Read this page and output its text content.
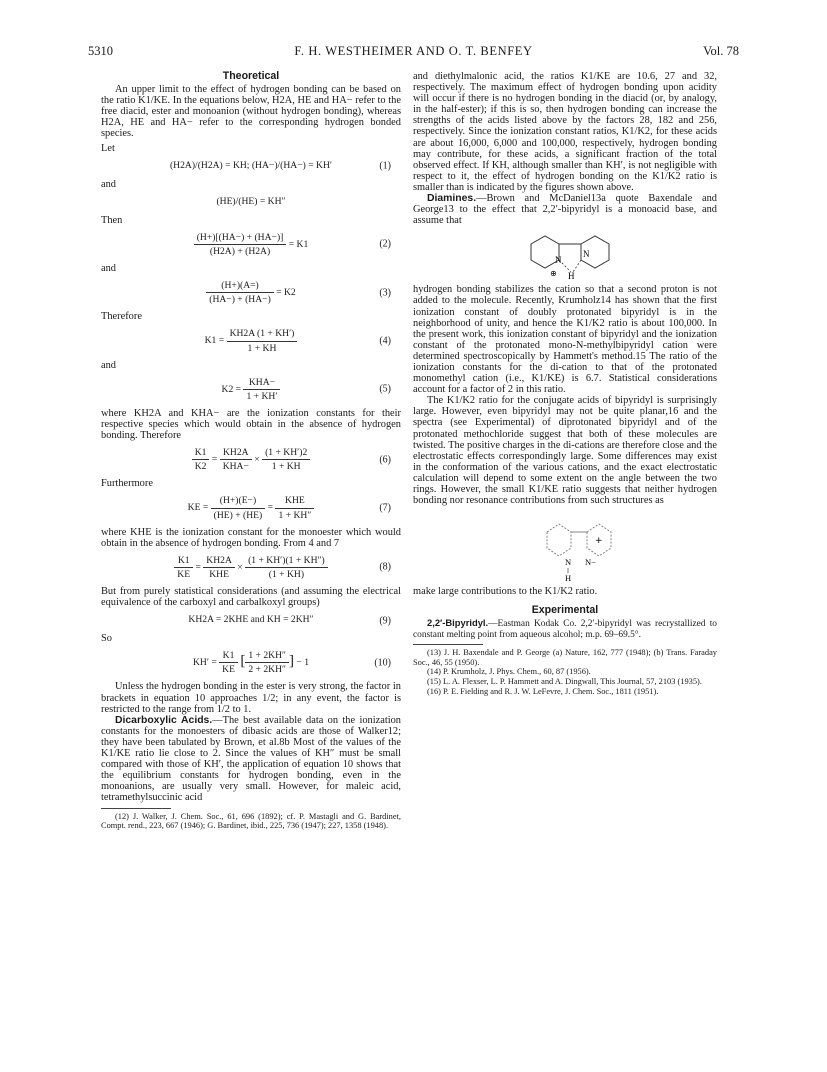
5310	F. H. WESTHEIMER AND O. T. BENFEY	Vol. 78
Theoretical

An upper limit to the effect of hydrogen bonding can be based on the ratio K1/KE. In the equations below, H2A, HE and HA− refer to the free diacid, ester and monoanion (without hydrogen bonding), whereas H2A, HE and HA− refer to the corresponding hydrogen bonded species.

Let
(H2A)/(H2A) = KH; (HA−)/(HA−) = KH′	(1)
and
(HE)/(HE) = KH″
Then
$\frac{(H+)[(HA-) + (HA-)]}{(H2A) + (H2A)} = K1$	(2)
and
$\frac{(H+)(A=)}{(HA-) + (HA-)} = K2$	(3)
Therefore
$K1 = \frac{KH2A (1 + KH')}{1 + KH}$	(4)
and
$K2 = \frac{\text{KHA−}}{1 + KH'}$	(5)

where KH2A and KHA− are the ionization constants for their respective species which would obtain in the absence of hydrogen bonding. Therefore

$\frac{K1}{K2} = \frac{KH2A}{\text{KHA−}} \times \frac{(1 + KH')2}{1 + KH}$	(6)
Furthermore
KE = $\frac{(H+)(E-)}{(HE) + (HE)} = \frac{\text{KHE}}{1 + KH''}$	(7)

where KHE is the ionization constant for the monoester which would obtain in the absence of hydrogen bonding. From 4 and 7

$\frac{K1}{KE} = \frac{KH2A}{\text{KHE}} \times \frac{(1 + KH')(1 + KH'')}{(1 + KH)}$	(8)

But from purely statistical considerations (and assuming the electrical equivalence of the carboxyl and carbalkoxyl groups)

KH2A = 2KHE and KH = 2KH″	(9)
So
$KH' = \frac{K1}{KE}$ [ $\frac{1 + 2KH''}{2 + 2KH''}$ ] − 1	(10)

Unless the hydrogen bonding in the ester is very strong, the factor in brackets in equation 10 approaches 1/2; in any event, the factor is restricted to the range from 1/2 to 1.

Dicarboxylic Acids.—The best available data on the ionization constants for the monoesters of dibasic acids are those of Walker12; they have been tabulated by Brown, et al.8b Most of the values of the K1/KE ratio lie close to 2. Since the values of KH″ must be small compared with those of KH′, the application of equation 10 shows that the equilibrium constants for hydrogen bonding, even in the monoanions, are usually very small. However, for maleic acid, tetramethylsuccinic acid

(12) J. Walker, J. Chem. Soc., 61, 696 (1892); cf. P. Mastagli and G. Bardinet, Compt. rend., 223, 667 (1946); G. Bardinet, ibid., 225, 736 (1947); 227, 1358 (1948).

and diethylmalonic acid, the ratios K1/KE are 10.6, 27 and 32, respectively. The maximum effect of hydrogen bonding upon acidity will occur if there is no hydrogen bonding in the diacid (or, by analogy, in the half-ester); if this is so, then hydrogen bonding can increase the strengths of the acids listed above by the factors 28, 182 and 256, respectively. Since the ionization constant ratios, K1/K2, for these acids are about 16,000, 6,000 and 100,000, respectively, hydrogen bonding may contribute, for these acids, a significant fraction of the total observed effect. If KH, although smaller than KH′, is not negligible with respect to it, the effect of hydrogen bonding on the K1/K2 ratio is smaller than is indicated by the figures shown above.

Diamines.—Brown and McDaniel13a quote Baxendale and George13 to the effect that 2,2′-bipyridyl is a monoacid base, and assume that

N
N
⊕ H

hydrogen bonding stabilizes the cation so that a second proton is not added to the molecule. Recently, Krumholz14 has shown that the first ionization constant of doubly protonated bipyridyl is in the neighborhood of unity, and hence the K1/K2 ratio is about 100,000. In the present work, this ionization constant of bipyridyl and the ionization constant of the protonated mono-N-methylbipyridyl cation were determined spectroscopically by Hammett's method.15 The ratio of the ionization constants for the di-cation to that of the protonated monomethyl cation (i.e., K1/KE) is 6.7. Statistical considerations account for a factor of 2 in this ratio.

The K1/K2 ratio for the conjugate acids of bipyridyl is surprisingly large. However, even bipyridyl may not be quite planar,16 and the spectra (see Experimental) of diprotonated bipyridyl and of the protonated methochloride suggest that both of these molecules are twisted. The positive charges in the di-cations are therefore close and the electrostatic effects correspondingly large. Some differences may exist in the conformation of the various cations, and the exact electrostatic calculation will depend to some extent on the angle between the two rings. However, the small K1/KE ratio suggests that neither hydrogen bonding nor resonance contributions from such structures as

+
N N−
H

make large contributions to the K1/K2 ratio.

Experimental

2,2′-Bipyridyl.—Eastman Kodak Co. 2,2′-bipyridyl was recrystallized to constant melting point from aqueous alcohol; m.p. 69–69.5°.

(13) J. H. Baxendale and P. George (a) Nature, 162, 777 (1948); (b) Trans. Faraday Soc., 46, 55 (1950).

(14) P. Krumholz, J. Phys. Chem., 60, 87 (1956).

(15) L. A. Flexser, L. P. Hammett and A. Dingwall, This Journal, 57, 2103 (1935).

(16) P. E. Fielding and R. J. W. LeFevre, J. Chem. Soc., 1811 (1951).
